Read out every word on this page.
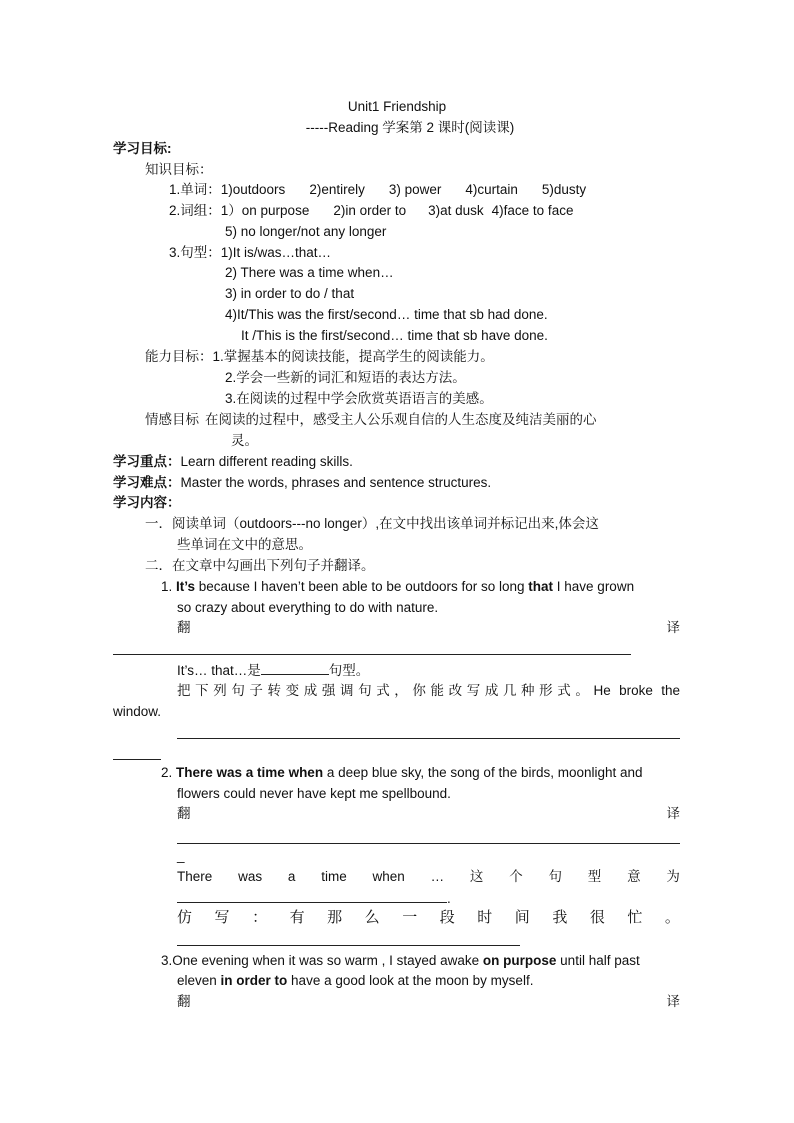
Unit1 Friendship
-----Reading 学案第 2 课时(阅读课)
学习目标:
知识目标：
1.单词：1)outdoors 2)entirely 3) power 4)curtain 5)dusty
2.词组：1）on purpose 2)in order to 3)at dusk 4)face to face
5) no longer/not any longer
3.句型：1)It is/was…that…
2) There was a time when…
3) in order to do / that
4)It/This was the first/second… time that sb had done.
It /This is the first/second… time that sb have done.
能力目标：1.掌握基本的阅读技能，提高学生的阅读能力。
2.学会一些新的词汇和短语的表达方法。
3.在阅读的过程中学会欣赏英语语言的美感。
情感目标 在阅读的过程中，感受主人公乐观自信的人生态度及纯洁美丽的心
灵。
学习重点：Learn different reading skills.
学习难点：Master the words, phrases and sentence structures.
学习内容：
一．阅读单词（outdoors---no longer）,在文中找出该单词并标记出来,体会这
些单词在文中的意思。
二．在文章中勾画出下列句子并翻译。
1. It’s because I haven’t been able to be outdoors for so long that I have grown
so crazy about everything to do with nature.
翻	译
It’s… that…是	句型。
把下列句子转变成强调句式，你能改写成几种形式。He broke the
window.
2. There was a time when a deep blue sky, the song of the birds, moonlight and
flowers could never have kept me spellbound.
翻	译
_
There was a time when … 这 个 句 型 意 为
.
仿 写 ： 有 那 么 一 段 时 间 我 很 忙 。
3.One evening when it was so warm , I stayed awake on purpose until half past
eleven in order to have a good look at the moon by myself.
翻	译
